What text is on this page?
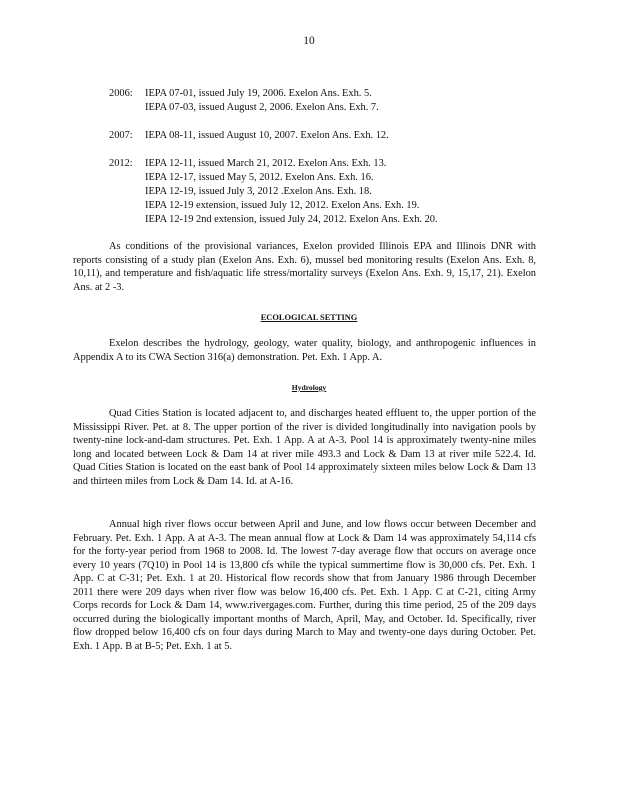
10
2006: IEPA 07-01, issued July 19, 2006. Exelon Ans. Exh. 5.
IEPA 07-03, issued August 2, 2006. Exelon Ans. Exh. 7.
2007: IEPA 08-11, issued August 10, 2007. Exelon Ans. Exh. 12.
2012: IEPA 12-11, issued March 21, 2012. Exelon Ans. Exh. 13.
IEPA 12-17, issued May 5, 2012. Exelon Ans. Exh. 16.
IEPA 12-19, issued July 3, 2012 .Exelon Ans. Exh. 18.
IEPA 12-19 extension, issued July 12, 2012. Exelon Ans. Exh. 19.
IEPA 12-19 2nd extension, issued July 24, 2012. Exelon Ans. Exh. 20.

As conditions of the provisional variances, Exelon provided Illinois EPA and Illinois DNR with reports consisting of a study plan (Exelon Ans. Exh. 6), mussel bed monitoring results (Exelon Ans. Exh. 8, 10,11), and temperature and fish/aquatic life stress/mortality surveys (Exelon Ans. Exh. 9, 15,17, 21). Exelon Ans. at 2 -3.

ECOLOGICAL SETTING

Exelon describes the hydrology, geology, water quality, biology, and anthropogenic influences in Appendix A to its CWA Section 316(a) demonstration. Pet. Exh. 1 App. A.

Hydrology

Quad Cities Station is located adjacent to, and discharges heated effluent to, the upper portion of the Mississippi River. Pet. at 8. The upper portion of the river is divided longitudinally into navigation pools by twenty-nine lock-and-dam structures. Pet. Exh. 1 App. A at A-3. Pool 14 is approximately twenty-nine miles long and located between Lock & Dam 14 at river mile 493.3 and Lock & Dam 13 at river mile 522.4. Id. Quad Cities Station is located on the east bank of Pool 14 approximately sixteen miles below Lock & Dam 13 and thirteen miles from Lock & Dam 14. Id. at A-16.

Annual high river flows occur between April and June, and low flows occur between December and February. Pet. Exh. 1 App. A at A-3. The mean annual flow at Lock & Dam 14 was approximately 54,114 cfs for the forty-year period from 1968 to 2008. Id. The lowest 7-day average flow that occurs on average once every 10 years (7Q10) in Pool 14 is 13,800 cfs while the typical summertime flow is 30,000 cfs. Pet. Exh. 1 App. C at C-31; Pet. Exh. 1 at 20. Historical flow records show that from January 1986 through December 2011 there were 209 days when river flow was below 16,400 cfs. Pet. Exh. 1 App. C at C-21, citing Army Corps records for Lock & Dam 14, www.rivergages.com. Further, during this time period, 25 of the 209 days occurred during the biologically important months of March, April, May, and October. Id. Specifically, river flow dropped below 16,400 cfs on four days during March to May and twenty-one days during October. Pet. Exh. 1 App. B at B-5; Pet. Exh. 1 at 5.
